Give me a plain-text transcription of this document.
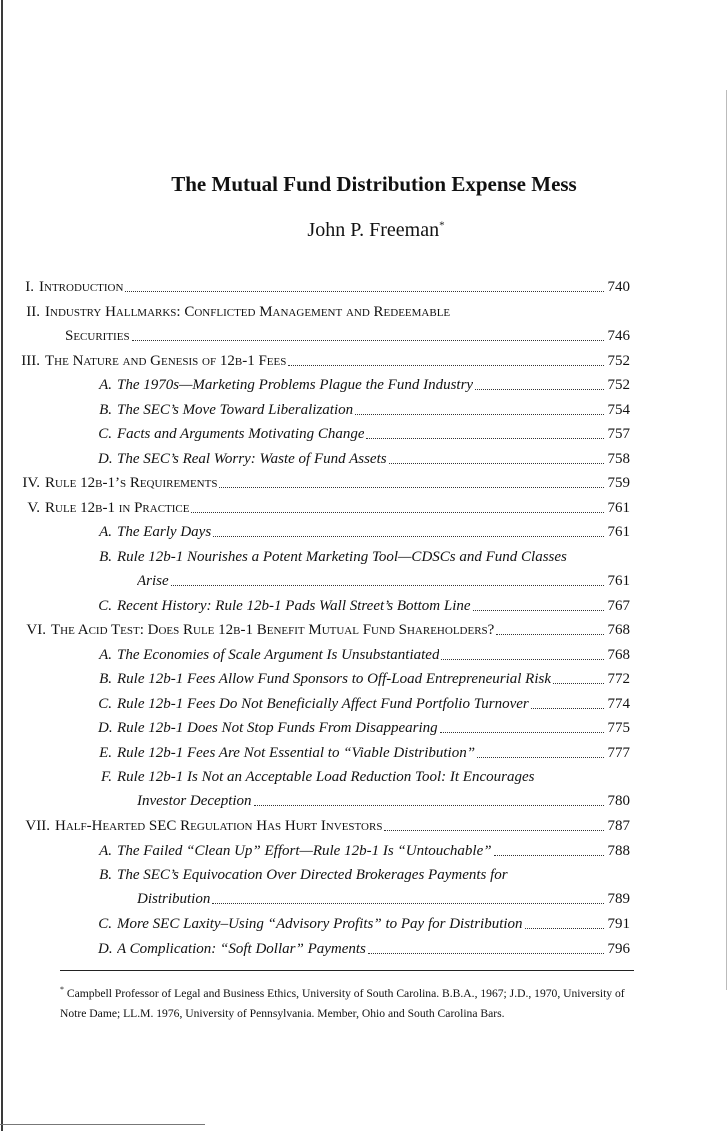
The Mutual Fund Distribution Expense Mess
John P. Freeman*
I. Introduction	740
II. Industry Hallmarks: Conflicted Management and Redeemable
Securities	746
III. The Nature and Genesis of 12b-1 Fees	752
A. The 1970s—Marketing Problems Plague the Fund Industry	752
B. The SEC’s Move Toward Liberalization	754
C. Facts and Arguments Motivating Change	757
D. The SEC’s Real Worry: Waste of Fund Assets	758
IV. Rule 12b-1’s Requirements	759
V. Rule 12b-1 in Practice	761
A. The Early Days	761
B. Rule 12b-1 Nourishes a Potent Marketing Tool—CDSCs and Fund Classes
Arise	761
C. Recent History: Rule 12b-1 Pads Wall Street’s Bottom Line	767
VI. The Acid Test: Does Rule 12b-1 Benefit Mutual Fund Shareholders?	768
A. The Economies of Scale Argument Is Unsubstantiated	768
B. Rule 12b-1 Fees Allow Fund Sponsors to Off-Load Entrepreneurial Risk	772
C. Rule 12b-1 Fees Do Not Beneficially Affect Fund Portfolio Turnover	774
D. Rule 12b-1 Does Not Stop Funds From Disappearing	775
E. Rule 12b-1 Fees Are Not Essential to “Viable Distribution”	777
F. Rule 12b-1 Is Not an Acceptable Load Reduction Tool: It Encourages
Investor Deception	780
VII. Half-Hearted SEC Regulation Has Hurt Investors	787
A. The Failed “Clean Up” Effort—Rule 12b-1 Is “Untouchable”	788
B. The SEC’s Equivocation Over Directed Brokerages Payments for
Distribution	789
C. More SEC Laxity–Using “Advisory Profits” to Pay for Distribution	791
D. A Complication: “Soft Dollar” Payments	796
* Campbell Professor of Legal and Business Ethics, University of South Carolina. B.B.A., 1967; J.D., 1970, University of Notre Dame; LL.M. 1976, University of Pennsylvania. Member, Ohio and South Carolina Bars.
